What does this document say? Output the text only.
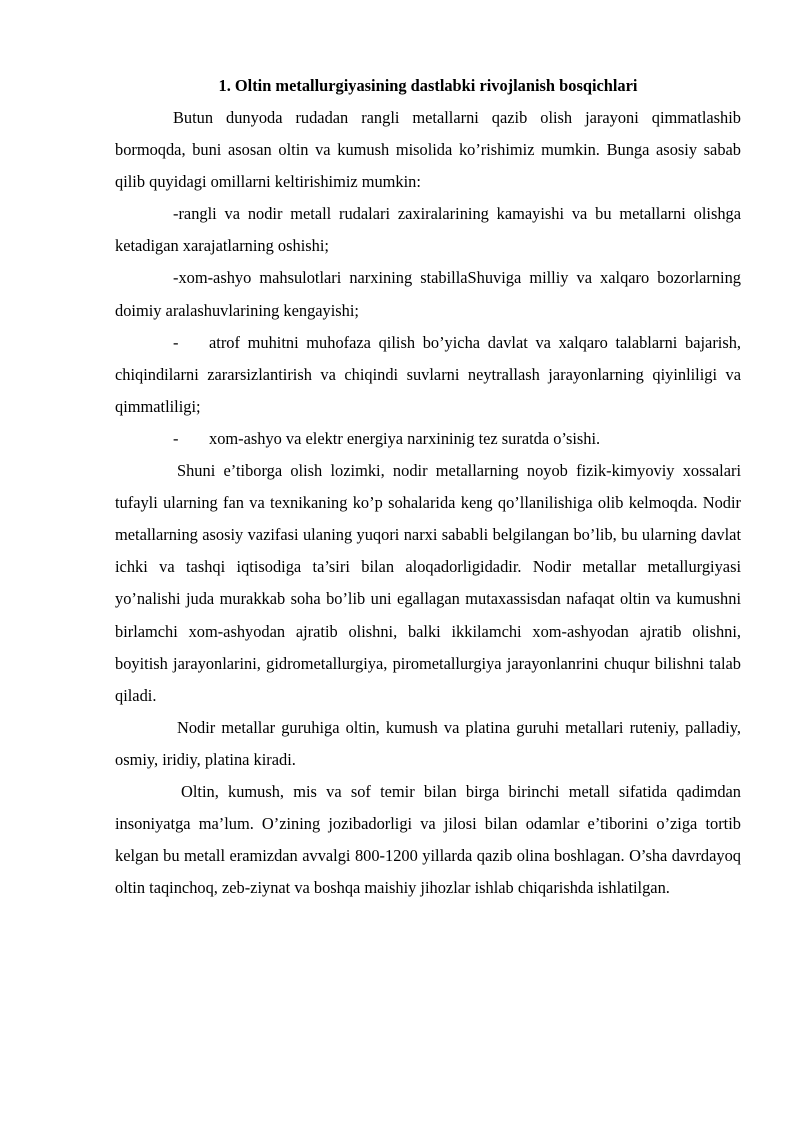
1. Oltin metallurgiyasining dastlabki rivojlanish bosqichlari

Butun dunyoda rudadan rangli metallarni qazib olish jarayoni qimmatlashib bormoqda, buni asosan oltin va kumush misolida ko’rishimiz mumkin. Bunga asosiy sabab qilib quyidagi omillarni keltirishimiz mumkin:

-rangli va nodir metall rudalari zaxiralarining kamayishi va bu metallarni olishga ketadigan xarajatlarning oshishi;

-xom-ashyo mahsulotlari narxining stabillaShuviga milliy va xalqaro bozorlarning doimiy aralashuvlarining kengayishi;

- atrof muhitni muhofaza qilish bo’yicha davlat va xalqaro talablarni bajarish, chiqindilarni zararsizlantirish va chiqindi suvlarni neytrallash jarayonlarning qiyinliligi va qimmatliligi;

- xom-ashyo va elektr energiya narxininig tez suratda o’sishi.

Shuni e’tiborga olish lozimki, nodir metallarning noyob fizik-kimyoviy xossalari tufayli ularning fan va texnikaning ko’p sohalarida keng qo’llanilishiga olib kelmoqda. Nodir metallarning asosiy vazifasi ulaning yuqori narxi sababli belgilangan bo’lib, bu ularning davlat ichki va tashqi iqtisodiga ta’siri bilan aloqadorligidadir. Nodir metallar metallurgiyasi yo’nalishi juda murakkab soha bo’lib uni egallagan mutaxassisdan nafaqat oltin va kumushni birlamchi xom-ashyodan ajratib olishni, balki ikkilamchi xom-ashyodan ajratib olishni, boyitish jarayonlarini, gidrometallurgiya, pirometallurgiya jarayonlanrini chuqur bilishni talab qiladi.

Nodir metallar guruhiga oltin, kumush va platina guruhi metallari ruteniy, palladiy, osmiy, iridiy, platina kiradi.

Oltin, kumush, mis va sof temir bilan birga birinchi metall sifatida qadimdan insoniyatga ma’lum. O’zining jozibadorligi va jilosi bilan odamlar e’tiborini o’ziga tortib kelgan bu metall eramizdan avvalgi 800-1200 yillarda qazib olina boshlagan. O’sha davrdayoq oltin taqinchoq, zeb-ziynat va boshqa maishiy jihozlar ishlab chiqarishda ishlatilgan.
